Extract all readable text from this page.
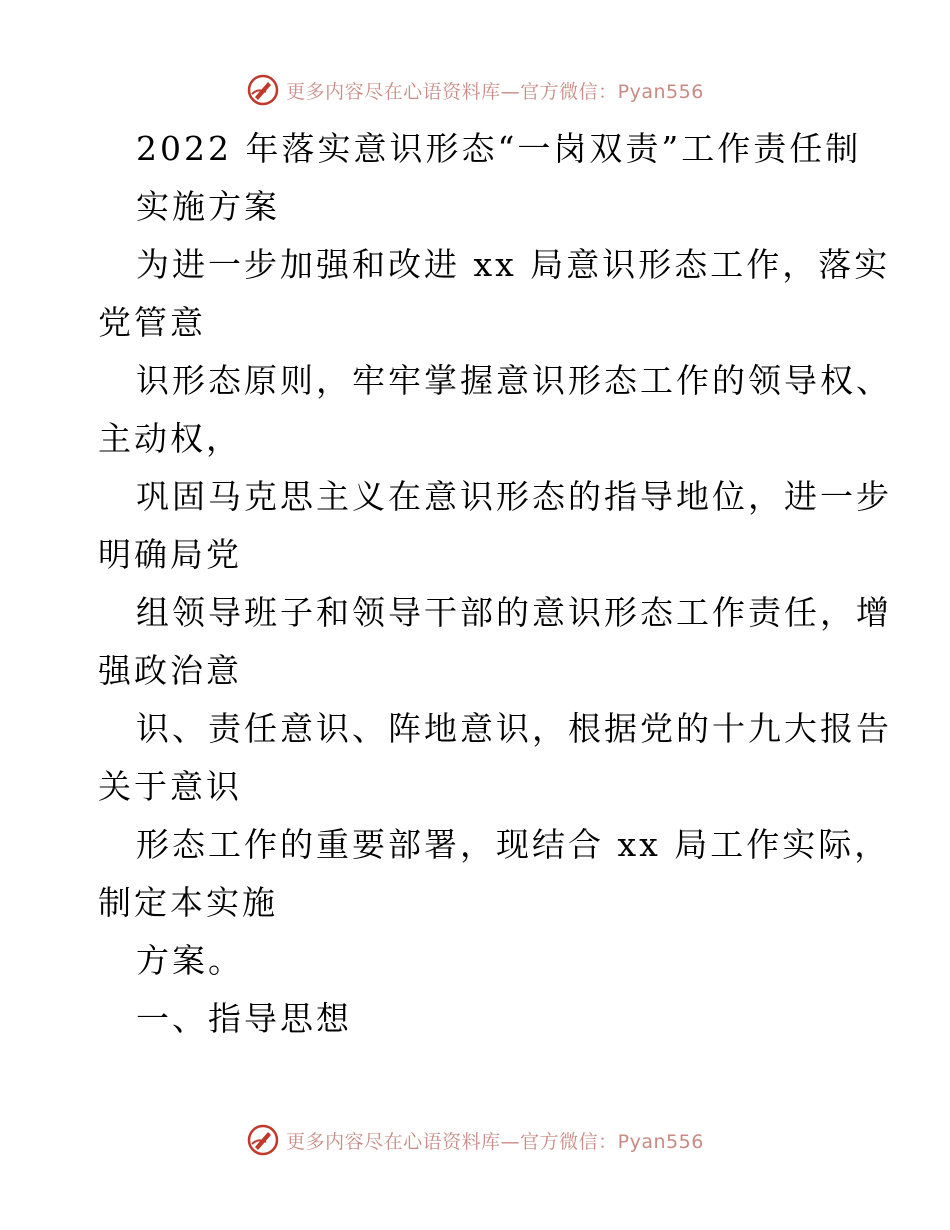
更多内容尽在心语资料库—官方微信：Pyan556
2022 年落实意识形态“一岗双责”工作责任制
实施方案
为进一步加强和改进 xx 局意识形态工作，落实
党管意
识形态原则，牢牢掌握意识形态工作的领导权、
主动权，
巩固马克思主义在意识形态的指导地位，进一步
明确局党
组领导班子和领导干部的意识形态工作责任，增
强政治意
识、责任意识、阵地意识，根据党的十九大报告
关于意识
形态工作的重要部署，现结合 xx 局工作实际，
制定本实施
方案。
一、指导思想
更多内容尽在心语资料库—官方微信：Pyan556
